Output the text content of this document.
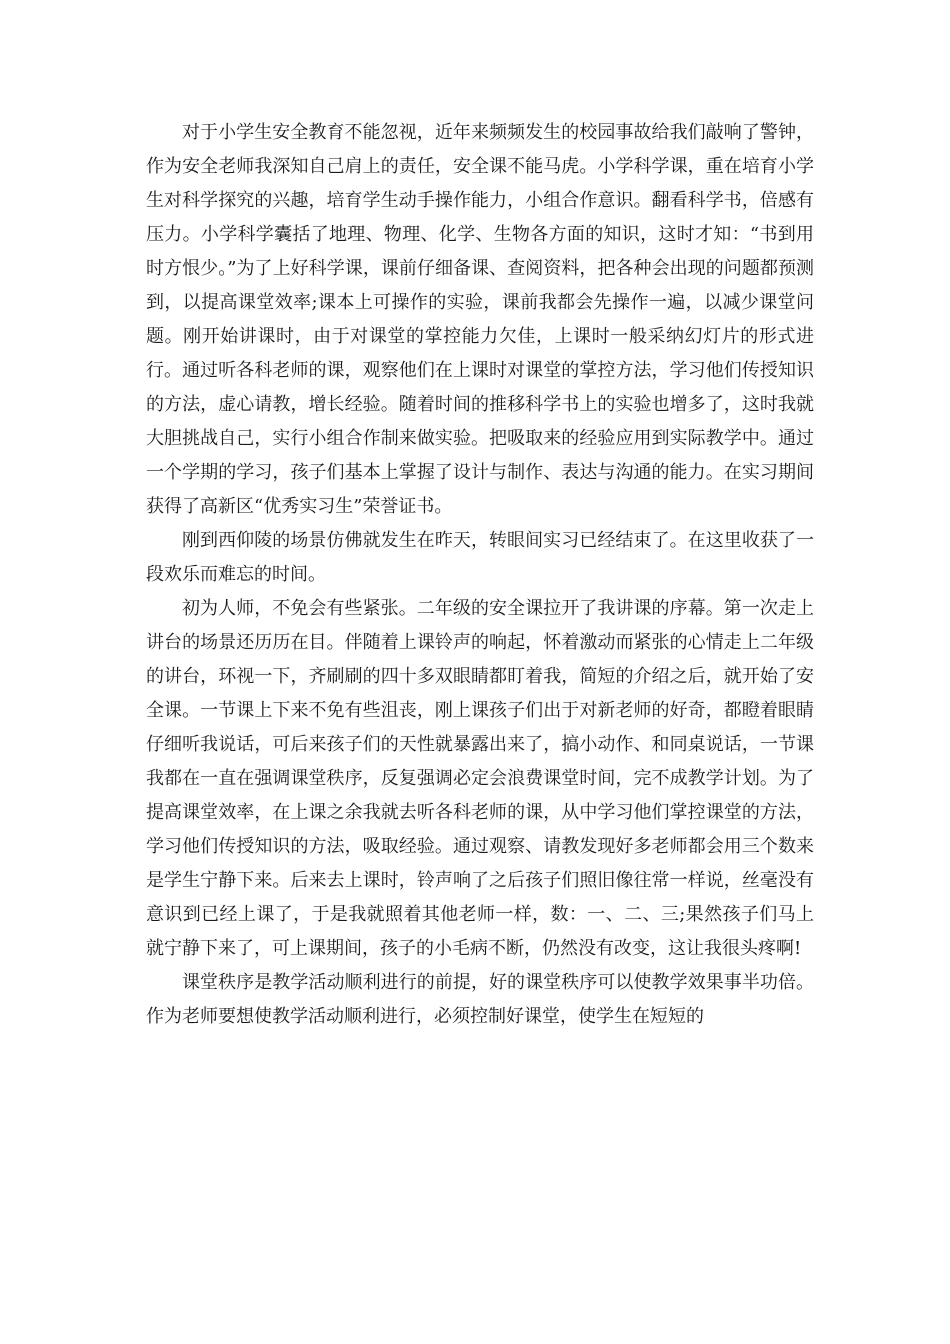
对于小学生安全教育不能忽视，近年来频频发生的校园事故给我们敲响了警钟，作为安全老师我深知自己肩上的责任，安全课不能马虎。小学科学课，重在培育小学生对科学探究的兴趣，培育学生动手操作能力，小组合作意识。翻看科学书，倍感有压力。小学科学囊括了地理、物理、化学、生物各方面的知识，这时才知：“书到用时方恨少。”为了上好科学课，课前仔细备课、查阅资料，把各种会出现的问题都预测到，以提高课堂效率;课本上可操作的实验，课前我都会先操作一遍，以减少课堂问题。刚开始讲课时，由于对课堂的掌控能力欠佳，上课时一般采纳幻灯片的形式进行。通过听各科老师的课，观察他们在上课时对课堂的掌控方法，学习他们传授知识的方法，虚心请教，增长经验。随着时间的推移科学书上的实验也增多了，这时我就大胆挑战自己，实行小组合作制来做实验。把吸取来的经验应用到实际教学中。通过一个学期的学习，孩子们基本上掌握了设计与制作、表达与沟通的能力。在实习期间获得了高新区“优秀实习生”荣誉证书。

刚到西仰陵的场景仿佛就发生在昨天，转眼间实习已经结束了。在这里收获了一段欢乐而难忘的时间。

初为人师，不免会有些紧张。二年级的安全课拉开了我讲课的序幕。第一次走上讲台的场景还历历在目。伴随着上课铃声的响起，怀着激动而紧张的心情走上二年级的讲台，环视一下，齐刷刷的四十多双眼睛都盯着我，简短的介绍之后，就开始了安全课。一节课上下来不免有些沮丧，刚上课孩子们出于对新老师的好奇，都瞪着眼睛仔细听我说话，可后来孩子们的天性就暴露出来了，搞小动作、和同桌说话，一节课我都在一直在强调课堂秩序，反复强调必定会浪费课堂时间，完不成教学计划。为了提高课堂效率，在上课之余我就去听各科老师的课，从中学习他们掌控课堂的方法，学习他们传授知识的方法，吸取经验。通过观察、请教发现好多老师都会用三个数来是学生宁静下来。后来去上课时，铃声响了之后孩子们照旧像往常一样说，丝毫没有意识到已经上课了，于是我就照着其他老师一样，数：一、二、三;果然孩子们马上就宁静下来了，可上课期间，孩子的小毛病不断，仍然没有改变，这让我很头疼啊!

课堂秩序是教学活动顺利进行的前提，好的课堂秩序可以使教学效果事半功倍。作为老师要想使教学活动顺利进行，必须控制好课堂，使学生在短短的
